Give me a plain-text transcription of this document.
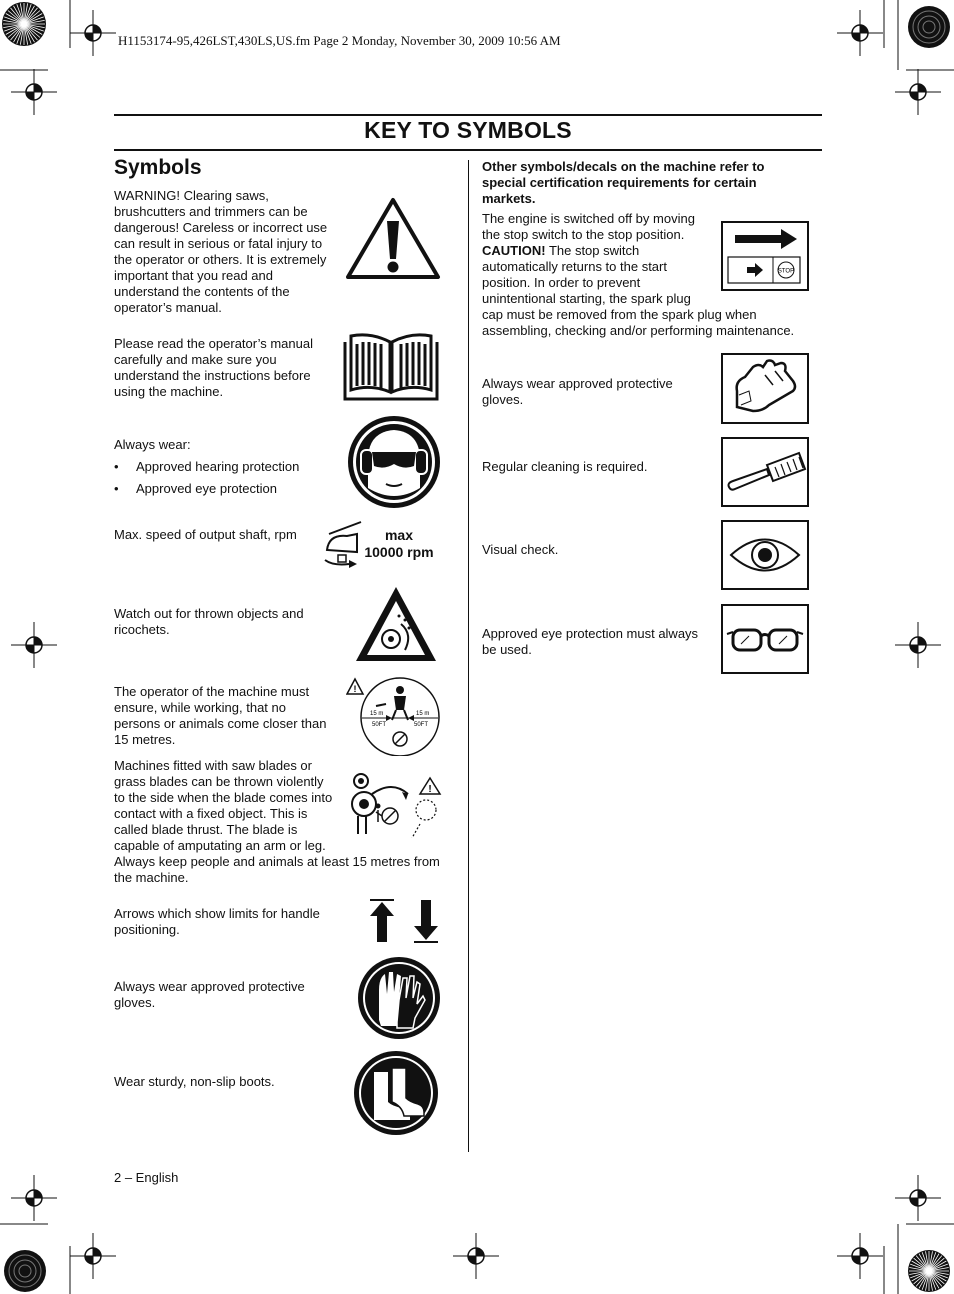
H1153174-95,426LST,430LS,US.fm Page 2 Monday, November 30, 2009 10:56 AM
KEY TO SYMBOLS
Symbols
WARNING! Clearing saws, brushcutters and trimmers can be dangerous! Careless or incorrect use can result in serious or fatal injury to the operator or others. It is extremely important that you read and understand the contents of the operator’s manual.
Please read the operator’s manual carefully and make sure you understand the instructions before using the machine.
Always wear:
• Approved hearing protection
• Approved eye protection
Max. speed of output shaft, rpm	max
10000 rpm
Watch out for thrown objects and ricochets.
The operator of the machine must ensure, while working, that no persons or animals come closer than 15 metres.
!
15 m	15 m
50FT	50FT
Machines fitted with saw blades or grass blades can be thrown violently to the side when the blade comes into contact with a fixed object. This is called blade thrust. The blade is capable of amputating an arm or leg.
Always keep people and animals at least 15 metres from the machine.
!
Arrows which show limits for handle positioning.
Always wear approved protective gloves.
Wear sturdy, non-slip boots.
Other symbols/decals on the machine refer to special certification requirements for certain markets.
The engine is switched off by moving the stop switch to the stop position. CAUTION! The stop switch automatically returns to the start position. In order to prevent unintentional starting, the spark plug
cap must be removed from the spark plug when assembling, checking and/or performing maintenance.
STOP
Always wear approved protective gloves.
Regular cleaning is required.
Visual check.
Approved eye protection must always be used.
2 – English
